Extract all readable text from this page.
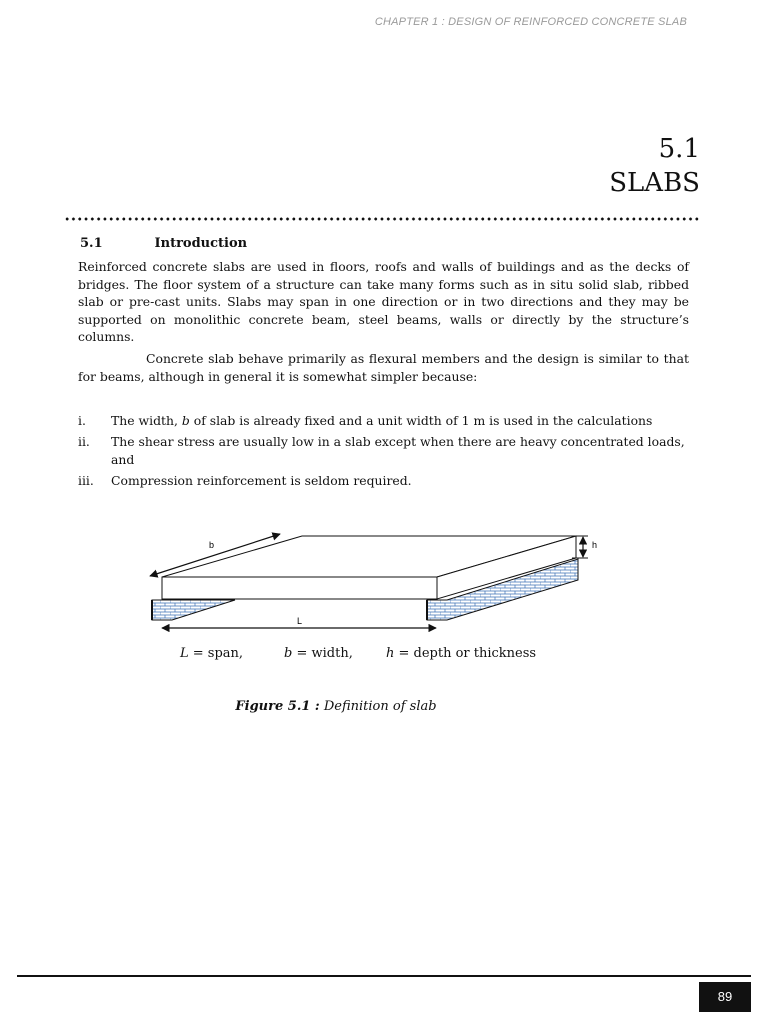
CHAPTER 1 : DESIGN OF REINFORCED CONCRETE SLAB
5.1
SLABS
5.1	Introduction
Reinforced concrete slabs are used in floors, roofs and walls of buildings and as the decks of bridges. The floor system of a structure can take many forms such as in situ solid slab, ribbed slab or pre-cast units. Slabs may span in one direction or in two directions and they may be supported on monolithic concrete beam, steel beams, walls or directly by the structure’s columns.
Concrete slab behave primarily as flexural members and the design is similar to that for beams, although in general it is somewhat simpler because:
i.	The width, b of slab is already fixed and a unit width of 1 m is used in the calculations
ii.	The shear stress are usually low in a slab except when there are heavy concentrated loads, and
iii.	Compression reinforcement is seldom required.
b	h
L
L = span,	b = width,	h = depth or thickness
Figure 5.1 : Definition of slab
89
